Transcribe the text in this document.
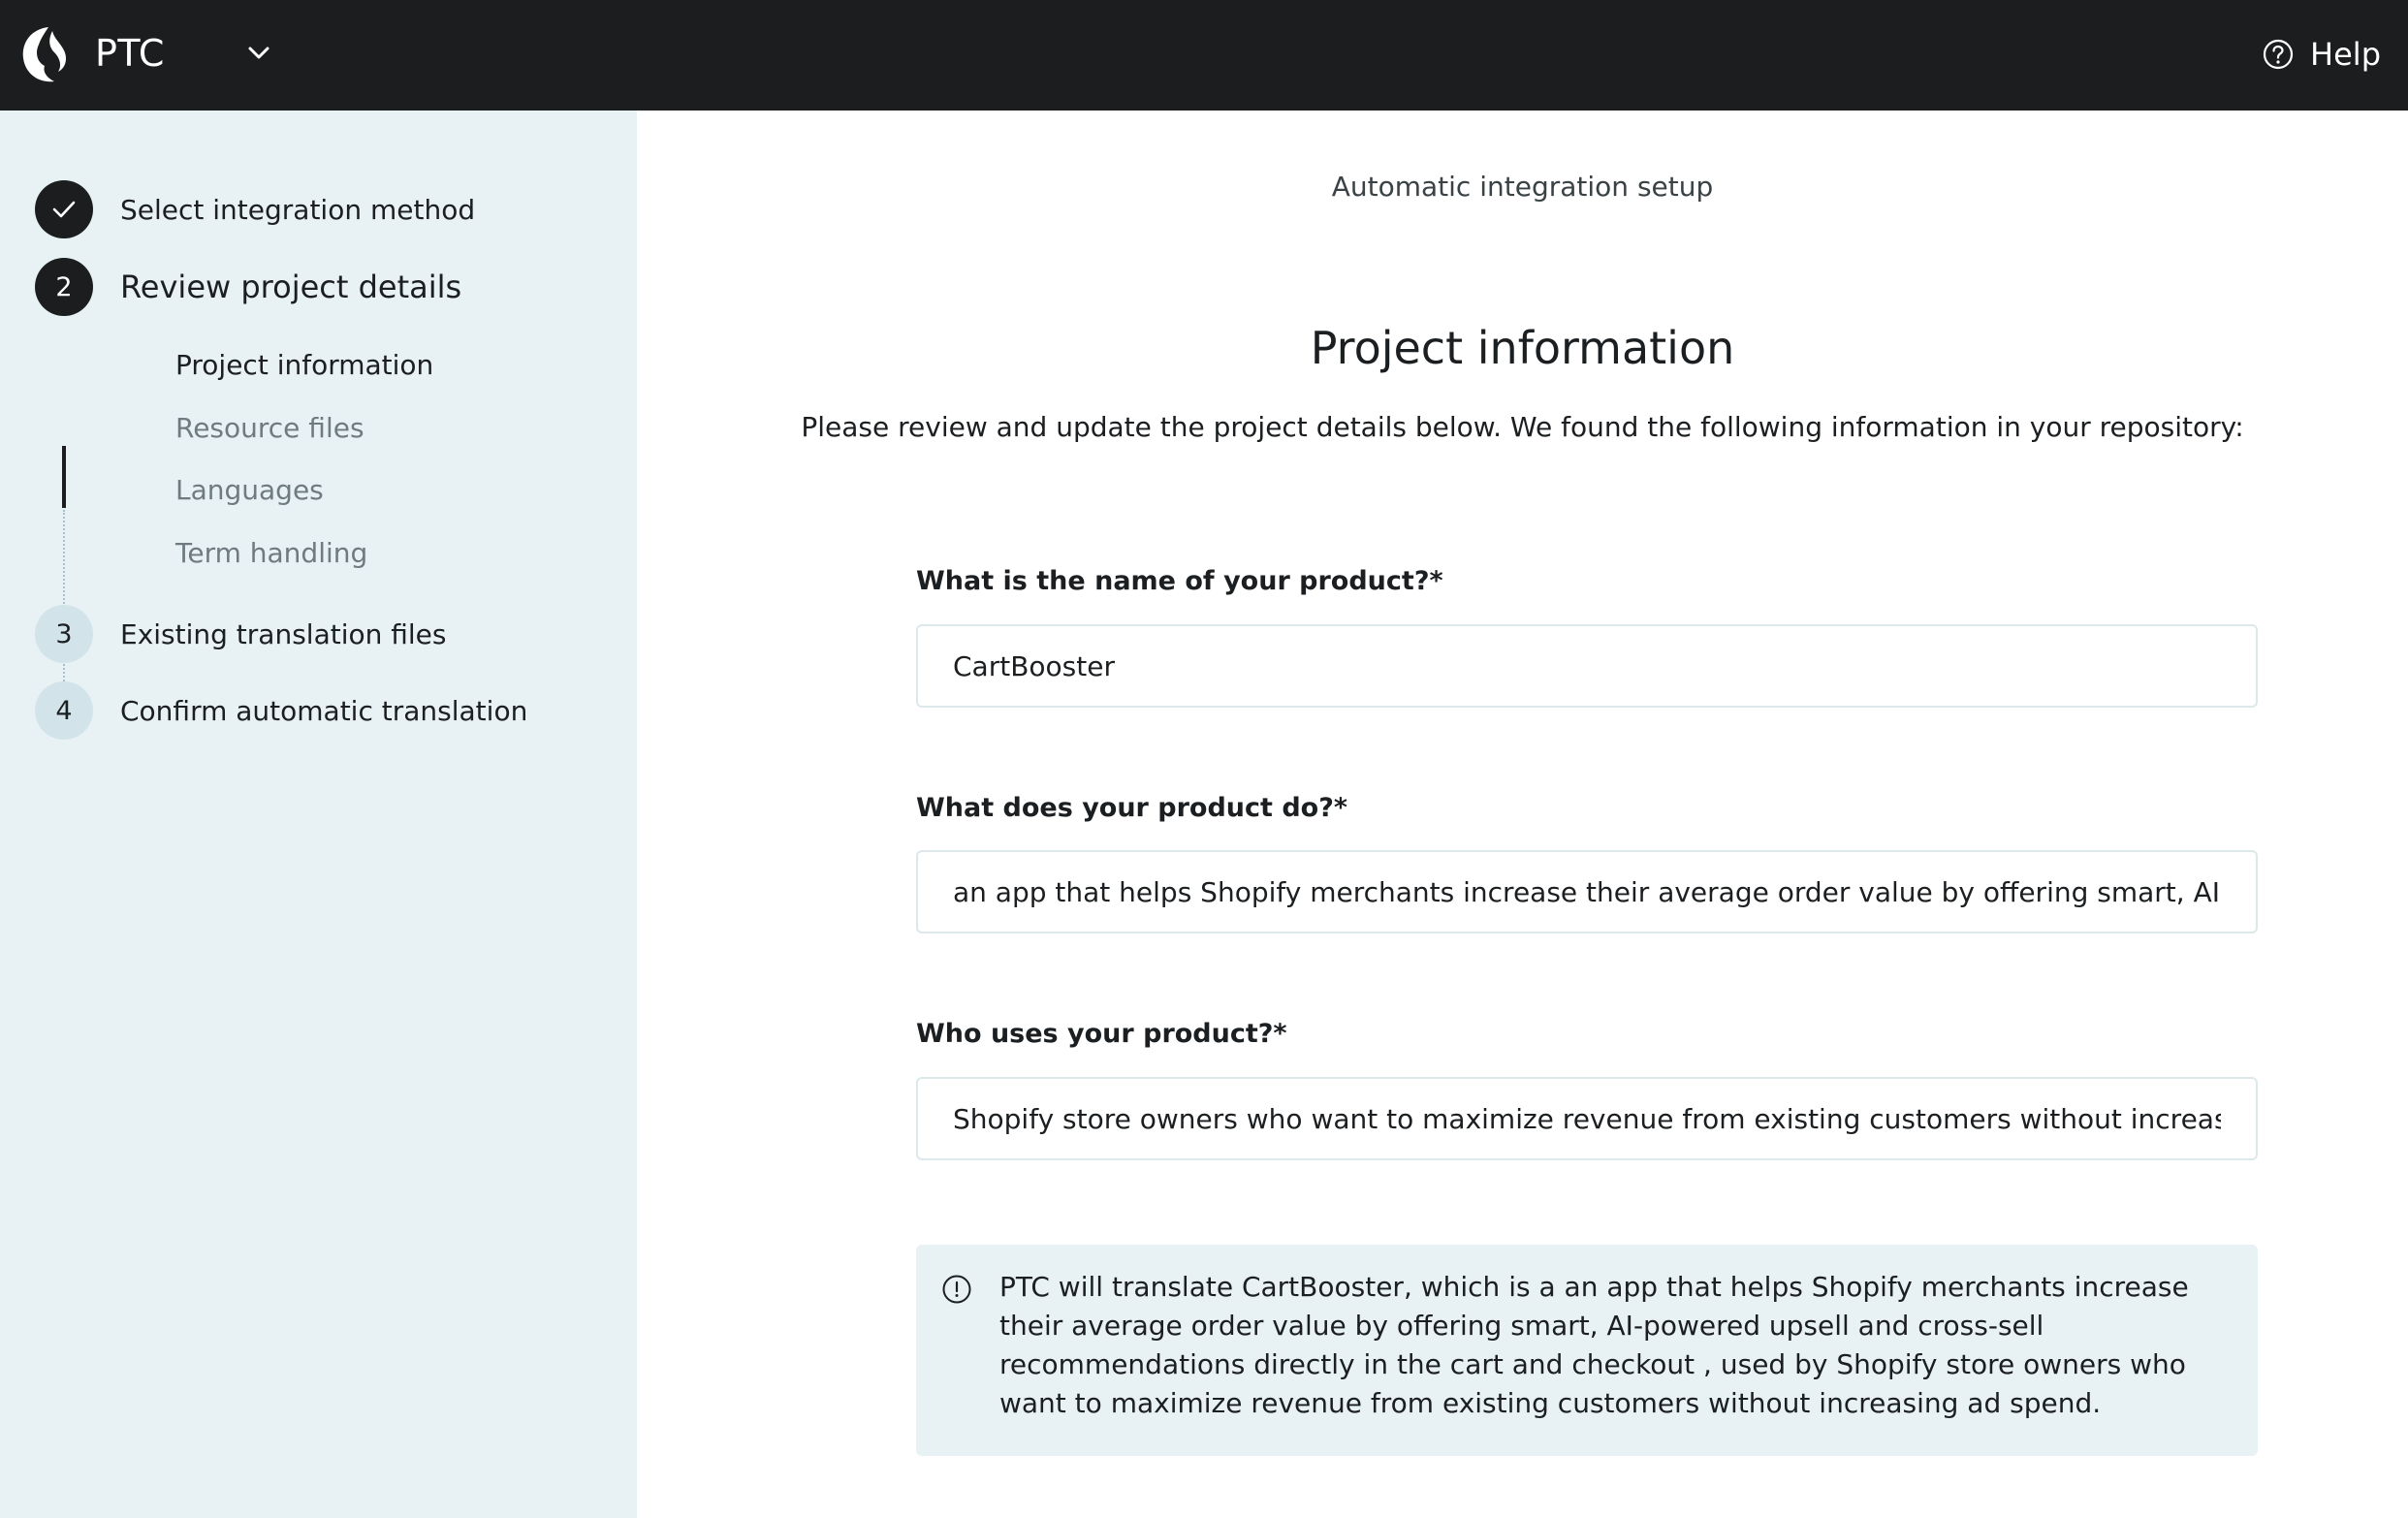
PTC	Help
Select integration method
2	Review project details
Project information
Resource files
Languages
Term handling
3	Existing translation files
4	Confirm automatic translation
Automatic integration setup
Project information
Please review and update the project details below. We found the following information in your repository:
What is the name of your product?*
CartBooster
What does your product do?*
an app that helps Shopify merchants increase their average order value by offering smart, AI-powered upsell and cross-sell recommendations directly in the cart and checkout
Who uses your product?*
Shopify store owners who want to maximize revenue from existing customers without increasing ad spend
PTC will translate CartBooster, which is a an app that helps Shopify merchants increase their average order value by offering smart, AI-powered upsell and cross-sell recommendations directly in the cart and checkout , used by Shopify store owners who want to maximize revenue from existing customers without increasing ad spend.
